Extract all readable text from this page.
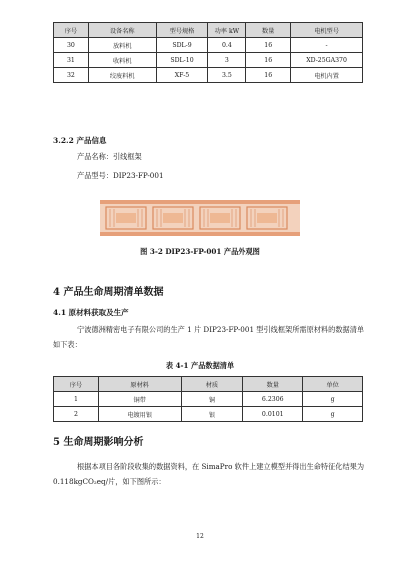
序号	设备名称	型号规格	功率 kW	数量	电机型号
30	放料机	SDL-9	0.4	16	-
31	收料机	SDL-10	3	16	XD-25GA370
32	绞废料机	XF-5	3.5	16	电机内置
3.2.2 产品信息
产品名称：引线框架
产品型号：DIP23-FP-001
图 3-2 DIP23-FP-001 产品外观图
4 产品生命周期清单数据
4.1 原材料获取及生产
宁波德洲精密电子有限公司的生产 1 片 DIP23-FP-001 型引线框架所需原材料的数据清单如下表：
表 4-1 产品数据清单
序号	原材料	材质	数量	单位
1	铜带	铜	6.2306	g
2	电镀用银	银	0.0101	g
5 生命周期影响分析
根据本项目各阶段收集的数据资料，在 SimaPro 软件上建立模型并得出生命特征化结果为 0.118kgCO₂eq/片，如下图所示：
12
